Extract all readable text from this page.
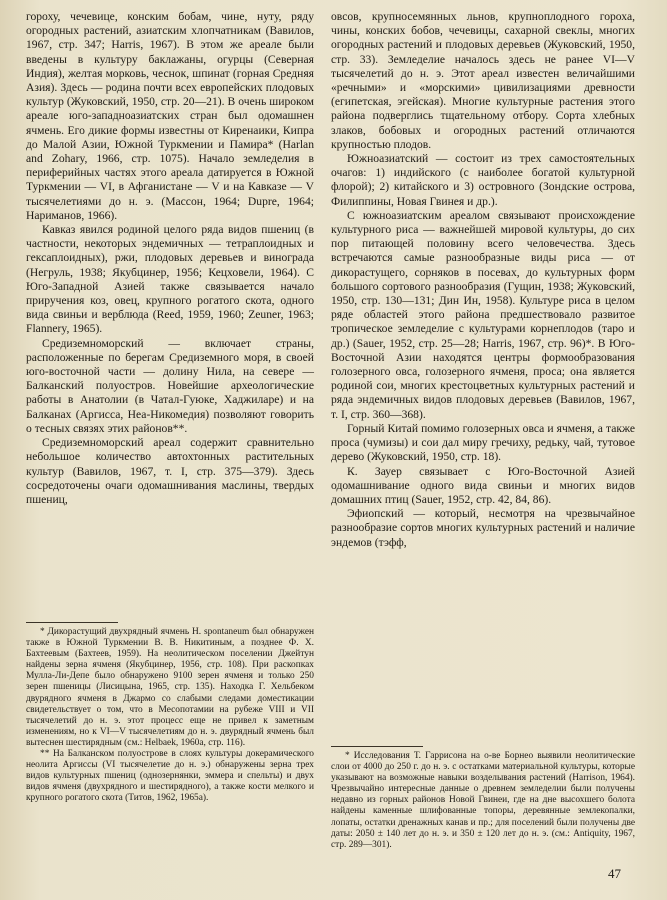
гороху, чечевице, конским бобам, чине, нуту, ряду огородных растений, азиатским хлопчатникам (Вавилов, 1967, стр. 347; Harris, 1967). В этом же ареале были введены в культуру баклажаны, огурцы (Северная Индия), желтая морковь, чеснок, шпинат (горная Средняя Азия). Здесь — родина почти всех европейских плодовых культур (Жуковский, 1950, стр. 20—21). В очень широком ареале юго-западноазиатских стран был одомашнен ячмень. Его дикие формы известны от Киренаики, Кипра до Малой Азии, Южной Туркмении и Памира* (Harlan and Zohary, 1966, стр. 1075). Начало земледелия в периферийных частях этого ареала датируется в Южной Туркмении — VI, в Афганистане — V и на Кавказе — V тысячелетиями до н. э. (Массон, 1964; Dupre, 1964; Нариманов, 1966).

Кавказ явился родиной целого ряда видов пшениц (в частности, некоторых эндемичных — тетраплоидных и гексаплоидных), ржи, плодовых деревьев и винограда (Негруль, 1938; Якубцинер, 1956; Кецховели, 1964). С Юго-Западной Азией также связывается начало приручения коз, овец, крупного рогатого скота, одного вида свиньи и верблюда (Reed, 1959, 1960; Zeuner, 1963; Flannery, 1965).

Средиземноморский — включает страны, расположенные по берегам Средиземного моря, в своей юго-восточной части — долину Нила, на севере — Балканский полуостров. Новейшие археологические работы в Анатолии (в Чатал-Гуюке, Хаджиларе) и на Балканах (Аргисса, Неа-Никомедия) позволяют говорить о тесных связях этих районов**.

Средиземноморский ареал содержит сравнительно небольшое количество автохтонных растительных культур (Вавилов, 1967, т. I, стр. 375—379). Здесь сосредоточены очаги одомашнивания маслины, твердых пшениц,

овсов, крупносемянных льнов, крупноплодного гороха, чины, конских бобов, чечевицы, сахарной свеклы, многих огородных растений и плодовых деревьев (Жуковский, 1950, стр. 33). Земледелие началось здесь не ранее VI—V тысячелетий до н. э. Этот ареал известен величайшими «речными» и «морскими» цивилизациями древности (египетская, эгейская). Многие культурные растения этого района подверглись тщательному отбору. Сорта хлебных злаков, бобовых и огородных растений отличаются крупностью плодов.

Южноазиатский — состоит из трех самостоятельных очагов: 1) индийского (с наиболее богатой культурной флорой); 2) китайского и 3) островного (Зондские острова, Филиппины, Новая Гвинея и др.).

С южноазиатским ареалом связывают происхождение культурного риса — важнейшей мировой культуры, до сих пор питающей половину всего человечества. Здесь встречаются самые разнообразные виды риса — от дикорастущего, сорняков в посевах, до культурных форм большого сортового разнообразия (Гущин, 1938; Жуковский, 1950, стр. 130—131; Дин Ин, 1958). Культуре риса в целом ряде областей этого района предшествовало развитое тропическое земледелие с культурами корнеплодов (таро и др.) (Sauer, 1952, стр. 25—28; Harris, 1967, стр. 96)*. В Юго-Восточной Азии находятся центры формообразования голозерного овса, голозерного ячменя, проса; она является родиной сои, многих крестоцветных культурных растений и ряда эндемичных видов плодовых деревьев (Вавилов, 1967, т. I, стр. 360—368).

Горный Китай помимо голозерных овса и ячменя, а также проса (чумизы) и сои дал миру гречиху, редьку, чай, тутовое дерево (Жуковский, 1950, стр. 18).

К. Зауер связывает с Юго-Восточной Азией одомашнивание одного вида свиньи и многих видов домашних птиц (Sauer, 1952, стр. 42, 84, 86).

Эфиопский — который, несмотря на чрезвычайное разнообразие сортов многих культурных растений и наличие эндемов (тэфф,

* Дикорастущий двухрядный ячмень H. spontaneum был обнаружен также в Южной Туркмении В. В. Никитиным, а позднее Ф. Х. Бахтеевым (Бахтеев, 1959). На неолитическом поселении Джейтун найдены зерна ячменя (Якубцинер, 1956, стр. 108). При раскопках Мулла-Ли-Депе было обнаружено 9100 зерен ячменя и только 250 зерен пшеницы (Лисицына, 1965, стр. 135). Находка Г. Хельбеком двурядного ячменя в Джармо со слабыми следами доместикации свидетельствует о том, что в Месопотамии на рубеже VIII и VII тысячелетий до н. э. этот процесс еще не привел к заметным изменениям, но к VI—V тысячелетиям до н. э. двурядный ячмень был вытеснен шестирядным (см.: Helbaek, 1960а, стр. 116).

** На Балканском полуострове в слоях культуры докерамического неолита Аргиссы (VI тысячелетие до н. э.) обнаружены зерна трех видов культурных пшениц (однозернянки, эммера и спельты) и двух видов ячменя (двухрядного и шестирядного), а также кости мелкого и крупного рогатого скота (Титов, 1962, 1965а).

* Исследования Т. Гаррисона на о-ве Борнео выявили неолитические слои от 4000 до 250 г. до н. э. с остатками материальной культуры, которые указывают на возможные навыки возделывания растений (Harrison, 1964). Чрезвычайно интересные данные о древнем земледелии были получены недавно из горных районов Новой Гвинеи, где на дне высохшего болота найдены каменные шлифованные топоры, деревянные землекопалки, лопаты, остатки дренажных канав и пр.; для поселений были получены две даты: 2050 ± 140 лет до н. э. и 350 ± 120 лет до н. э. (см.: Antiquity, 1967, стр. 289—301).

47
